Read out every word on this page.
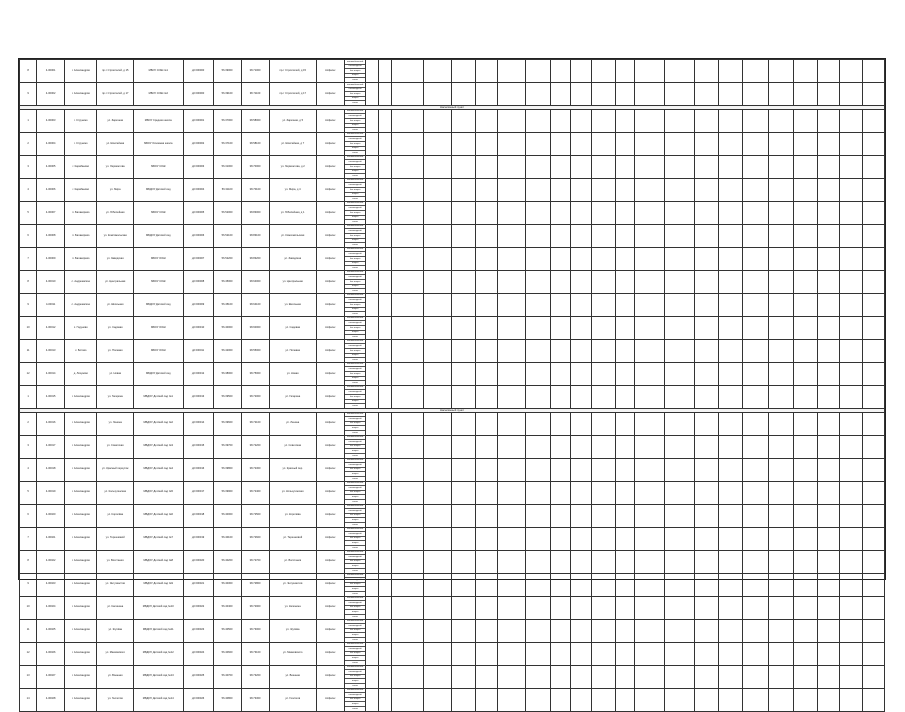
8	4-00001	г. Александров	пр-т Строителей, д 15	МБОУ СОШ №1	д0 000000	56.39000	38.71000	пр-т Строителей, д 15	Асфальт	автомобильный
пешеходный
без опоры
опоры
итого																						

9	4-00002	г. Александров	пр-т Строителей, д 17	МБОУ СОШ №2	д0 000000	56.39100	38.71100	пр-т Строителей, д 17	Асфальт	автомобильный
пешеходный
без опоры
опоры
итого																						

Населённый пункт																																
1	4-00003	г. Струнино	ул. Заречная	МБОУ Средняя школа	д0 000001	56.37000	38.58000	ул. Заречная, д 5	Асфальт	автомобильный
пешеходный
без опоры
опоры
итого																						

2	4-00004	г. Струнино	ул. Шоссейная	МБОУ Основная школа	д0 000002	56.37100	38.58100	ул. Шоссейная, д 7	Асфальт	автомобильный
пешеходный
без опоры
опоры
итого																						

3	4-00005	г. Карабаново	ул. Лермонтова	МБОУ СОШ	д0 000003	56.31000	38.70000	ул. Лермонтова, д 2	Асфальт	автомобильный
пешеходный
без опоры
опоры
итого																						

4	4-00006	г. Карабаново	ул. Мира	МБДОУ Детский сад	д0 000004	56.31100	38.70100	ул. Мира, д 4	Асфальт	автомобильный
пешеходный
без опоры
опоры
итого																						

5	4-00007	п. Балакирево	ул. Юбилейная	МБОУ СОШ	д0 000005	56.52000	38.83000	ул. Юбилейная, д 1	Асфальт	автомобильный
пешеходный
без опоры
опоры
итого																						

6	4-00008	п. Балакирево	ул. Комсомольская	МБДОУ Детский сад	д0 000006	56.52100	38.83100	ул. Комсомольская	Асфальт	автомобильный
пешеходный
без опоры
опоры
итого																						

7	4-00009	п. Балакирево	ул. Заводская	МБОУ ООШ	д0 000007	56.52200	38.83200	ул. Заводская	Асфальт	автомобильный
пешеходный
без опоры
опоры
итого																						

8	4-00010	с. Андреевское	ул. Центральная	МБОУ СОШ	д0 000008	56.45000	38.64000	ул. Центральная	Асфальт	автомобильный
пешеходный
без опоры
опоры
итого																						

9	4-00011	с. Андреевское	ул. Школьная	МБДОУ Детский сад	д0 000009	56.45100	38.64100	ул. Школьная	Асфальт	автомобильный
пешеходный
без опоры
опоры
итого																						

10	4-00012	с. Годуново	ул. Садовая	МБОУ ООШ	д0 000010	56.40000	38.60000	ул. Садовая	Асфальт	автомобильный
пешеходный
без опоры
опоры
итого																						

11	4-00013	с. Ботово	ул. Полевая	МБОУ ООШ	д0 000011	56.42000	38.55000	ул. Полевая	Асфальт	автомобильный
пешеходный
без опоры
опоры
итого																						

12	4-00014	д. Лизуново	ул. Новая	МБДОУ Детский сад	д0 000012	56.38000	38.75000	ул. Новая	Асфальт	автомобильный
пешеходный
без опоры
опоры
итого																						

1	4-00015	г. Александров	ул. Гагарина	МБДОУ Детский сад №1	д0 000013	56.39500	38.72000	ул. Гагарина	Асфальт	автомобильный
пешеходный
без опоры
опоры
итого																						

Населённый пункт																																
2	4-00016	г. Александров	ул. Ленина	МБДОУ Детский сад №2	д0 000014	56.39600	38.72100	ул. Ленина	Асфальт	автомобильный
пешеходный
без опоры
опоры
итого																						

3	4-00017	г. Александров	ул. Советская	МБДОУ Детский сад №3	д0 000015	56.39700	38.72200	ул. Советская	Асфальт	автомобильный
пешеходный
без опоры
опоры
итого																						

4	4-00018	г. Александров	ул. Красный переулок	МБДОУ Детский сад №4	д0 000016	56.39800	38.72300	ул. Красный пер.	Асфальт	автомобильный
пешеходный
без опоры
опоры
итого																						

5	4-00019	г. Александров	ул. Кольчугинская	МБДОУ Детский сад №5	д0 000017	56.39900	38.72400	ул. Кольчугинская	Асфальт	автомобильный
пешеходный
без опоры
опоры
итого																						

6	4-00020	г. Александров	ул. Королёва	МБДОУ Детский сад №6	д0 000018	56.40000	38.72500	ул. Королёва	Асфальт	автомобильный
пешеходный
без опоры
опоры
итого																						

7	4-00021	г. Александров	ул. Терешковой	МБДОУ Детский сад №7	д0 000019	56.40100	38.72600	ул. Терешковой	Асфальт	автомобильный
пешеходный
без опоры
опоры
итого																						

8	4-00022	г. Александров	ул. Восстания	МБДОУ Детский сад №8	д0 000020	56.40200	38.72700	ул. Восстания	Асфальт	автомобильный
пешеходный
без опоры
опоры
итого																						

9	4-00023	г. Александров	ул. Энтузиастов	МБДОУ Детский сад №9	д0 000021	56.40300	38.72800	ул. Энтузиастов	Асфальт	автомобильный
пешеходный
без опоры
опоры
итого																						

10	4-00024	г. Александров	ул. Калинина	МБДОУ Детский сад №10	д0 000022	56.40400	38.72900	ул. Калинина	Асфальт	автомобильный
пешеходный
без опоры
опоры
итого																						

11	4-00025	г. Александров	ул. Жулёва	МБДОУ Детский сад №11	д0 000023	56.40500	38.73000	ул. Жулёва	Асфальт	автомобильный
пешеходный
без опоры
опоры
итого																						

12	4-00026	г. Александров	ул. Маяковского	МБДОУ Детский сад №12	д0 000024	56.40600	38.73100	ул. Маяковского	Асфальт	автомобильный
пешеходный
без опоры
опоры
итого																						

13	4-00027	г. Александров	ул. Военная	МБДОУ Детский сад №13	д0 000025	56.40700	38.73200	ул. Военная	Асфальт	автомобильный
пешеходный
без опоры
опоры
итого																						

14	4-00028	г. Александров	ул. Геологов	МБДОУ Детский сад №14	д0 000026	56.40800	38.73300	ул. Геологов	Асфальт	автомобильный
пешеходный
без опоры
опоры
итого																						
